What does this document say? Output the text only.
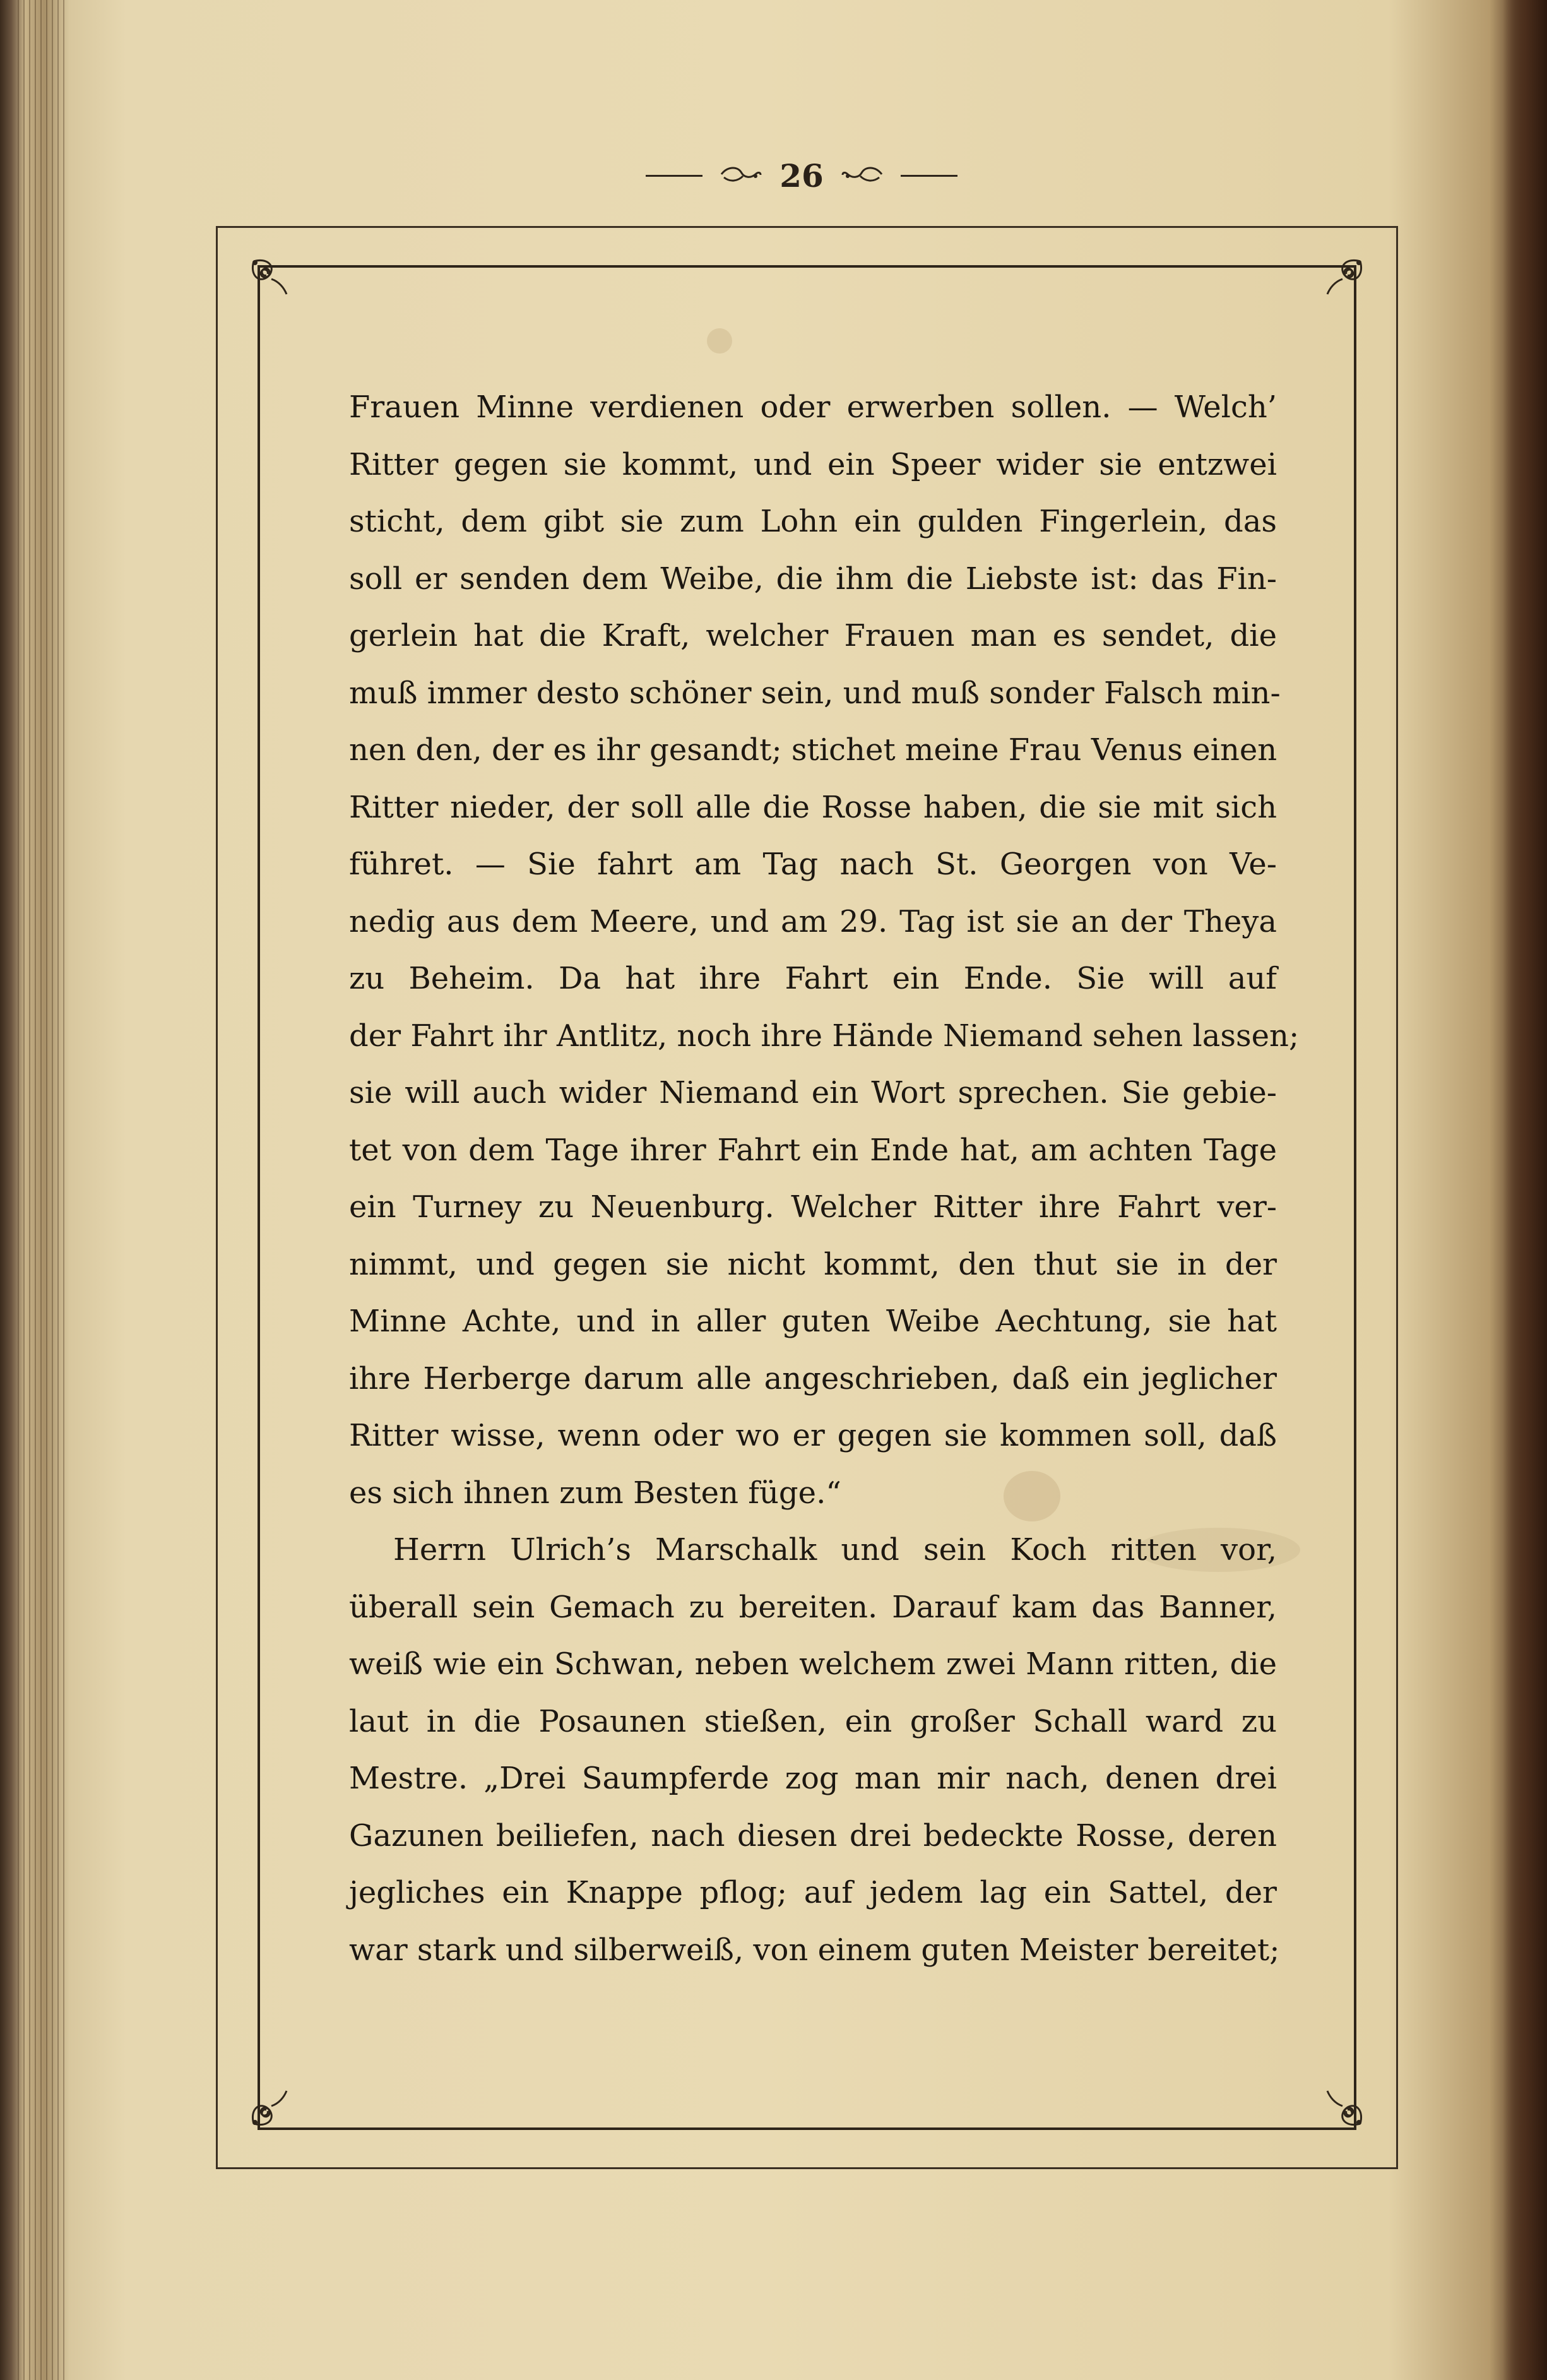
26
Frauen Minne verdienen oder erwerben sollen. — Welch’
Ritter gegen sie kommt, und ein Speer wider sie entzwei
sticht, dem gibt sie zum Lohn ein gulden Fingerlein, das
soll er senden dem Weibe, die ihm die Liebste ist: das Fin-
gerlein hat die Kraft, welcher Frauen man es sendet, die
muß immer desto schöner sein, und muß sonder Falsch min-
nen den, der es ihr gesandt; stichet meine Frau Venus einen
Ritter nieder, der soll alle die Rosse haben, die sie mit sich
führet. — Sie fahrt am Tag nach St. Georgen von Ve-
nedig aus dem Meere, und am 29. Tag ist sie an der Theya
zu Beheim. Da hat ihre Fahrt ein Ende. Sie will auf
der Fahrt ihr Antlitz, noch ihre Hände Niemand sehen lassen;
sie will auch wider Niemand ein Wort sprechen. Sie gebie-
tet von dem Tage ihrer Fahrt ein Ende hat, am achten Tage
ein Turney zu Neuenburg. Welcher Ritter ihre Fahrt ver-
nimmt, und gegen sie nicht kommt, den thut sie in der
Minne Achte, und in aller guten Weibe Aechtung, sie hat
ihre Herberge darum alle angeschrieben, daß ein jeglicher
Ritter wisse, wenn oder wo er gegen sie kommen soll, daß
es sich ihnen zum Besten füge.“
Herrn Ulrich’s Marschalk und sein Koch ritten vor,
überall sein Gemach zu bereiten. Darauf kam das Banner,
weiß wie ein Schwan, neben welchem zwei Mann ritten, die
laut in die Posaunen stießen, ein großer Schall ward zu
Mestre. „Drei Saumpferde zog man mir nach, denen drei
Gazunen beiliefen, nach diesen drei bedeckte Rosse, deren
jegliches ein Knappe pflog; auf jedem lag ein Sattel, der
war stark und silberweiß, von einem guten Meister bereitet;
